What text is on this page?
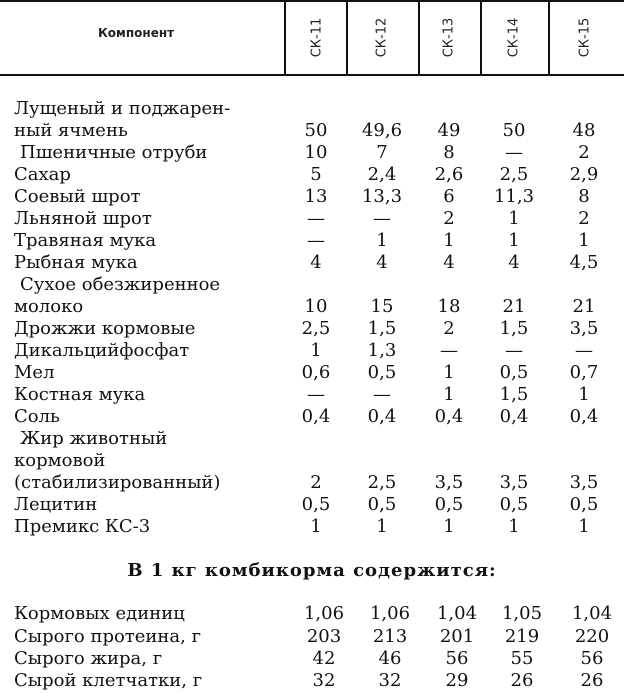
Компонент	СК-11	СК-12	СК-13	СК-14	СК-15
Лущеный и поджарен-
ный ячмень	50	49,6	49	50	48
Пшеничные отруби	10	7	8	—	2
Сахар	5	2,4	2,6	2,5	2,9
Соевый шрот	13	13,3	6	11,3	8
Льняной шрот	—	—	2	1	2
Травяная мука	—	1	1	1	1
Рыбная мука	4	4	4	4	4,5
Сухое обезжиренное
молоко	10	15	18	21	21
Дрожжи кормовые	2,5	1,5	2	1,5	3,5
Дикальцийфосфат	1	1,3	—	—	—
Мел	0,6	0,5	1	0,5	0,7
Костная мука	—	—	1	1,5	1
Соль	0,4	0,4	0,4	0,4	0,4
Жир животный
кормовой
(стабилизированный)	2	2,5	3,5	3,5	3,5
Лецитин	0,5	0,5	0,5	0,5	0,5
Премикс КС-3	1	1	1	1	1
В 1 кг комбикорма содержится:
Кормовых единиц	1,06	1,06	1,04	1,05	1,04
Сырого протеина, г	203	213	201	219	220
Сырого жира, г	42	46	56	55	56
Сырой клетчатки, г	32	32	29	26	26
